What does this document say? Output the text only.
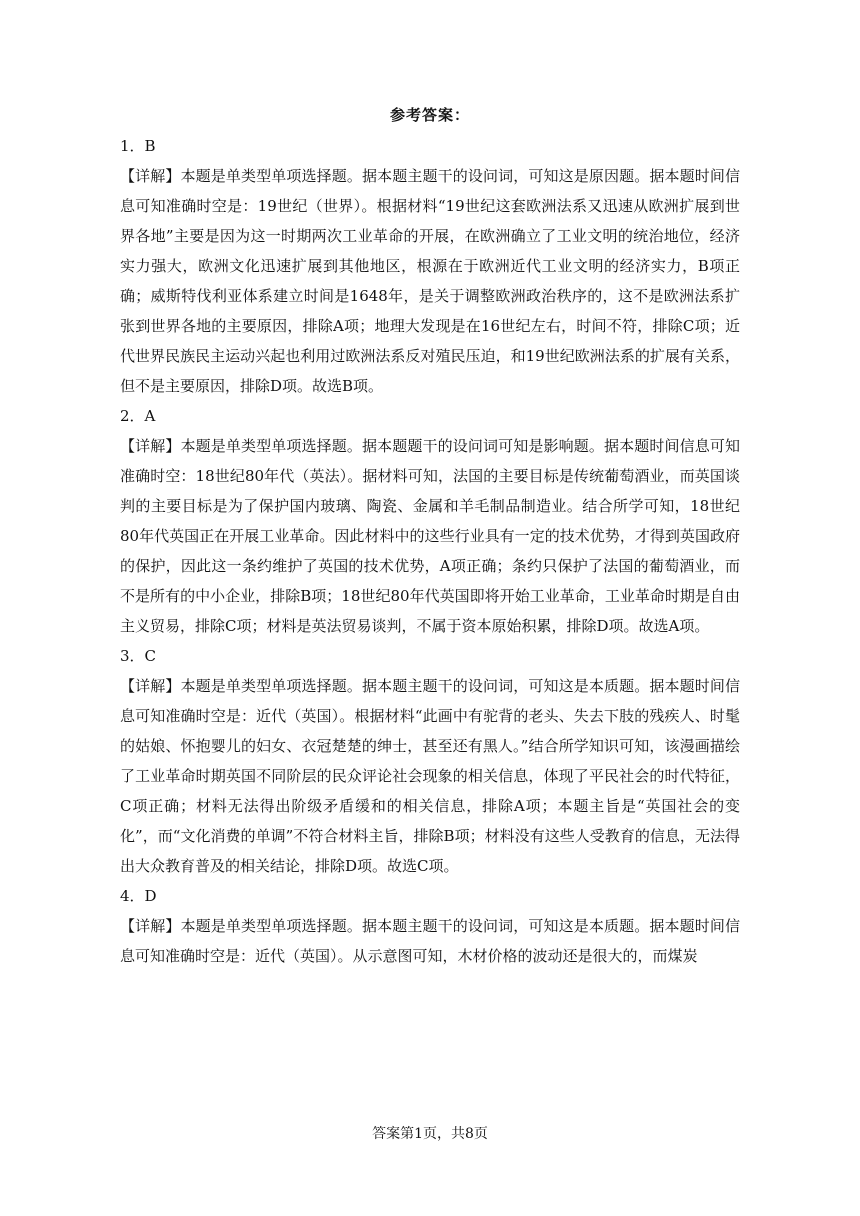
参考答案：

1．B

【详解】本题是单类型单项选择题。据本题主题干的设问词，可知这是原因题。据本题时间信息可知准确时空是：19世纪（世界）。根据材料“19世纪这套欧洲法系又迅速从欧洲扩展到世界各地”主要是因为这一时期两次工业革命的开展，在欧洲确立了工业文明的统治地位，经济实力强大，欧洲文化迅速扩展到其他地区，根源在于欧洲近代工业文明的经济实力，B项正确；威斯特伐利亚体系建立时间是1648年，是关于调整欧洲政治秩序的，这不是欧洲法系扩张到世界各地的主要原因，排除A项；地理大发现是在16世纪左右，时间不符，排除C项；近代世界民族民主运动兴起也利用过欧洲法系反对殖民压迫，和19世纪欧洲法系的扩展有关系，但不是主要原因，排除D项。故选B项。

2．A

【详解】本题是单类型单项选择题。据本题题干的设问词可知是影响题。据本题时间信息可知准确时空：18世纪80年代（英法）。据材料可知，法国的主要目标是传统葡萄酒业，而英国谈判的主要目标是为了保护国内玻璃、陶瓷、金属和羊毛制品制造业。结合所学可知，18世纪80年代英国正在开展工业革命。因此材料中的这些行业具有一定的技术优势，才得到英国政府的保护，因此这一条约维护了英国的技术优势，A项正确；条约只保护了法国的葡萄酒业，而不是所有的中小企业，排除B项；18世纪80年代英国即将开始工业革命，工业革命时期是自由主义贸易，排除C项；材料是英法贸易谈判，不属于资本原始积累，排除D项。故选A项。

3．C

【详解】本题是单类型单项选择题。据本题主题干的设问词，可知这是本质题。据本题时间信息可知准确时空是：近代（英国）。根据材料“此画中有驼背的老头、失去下肢的残疾人、时髦的姑娘、怀抱婴儿的妇女、衣冠楚楚的绅士，甚至还有黑人。”结合所学知识可知，该漫画描绘了工业革命时期英国不同阶层的民众评论社会现象的相关信息，体现了平民社会的时代特征，C项正确；材料无法得出阶级矛盾缓和的相关信息，排除A项；本题主旨是“英国社会的变化”，而“文化消费的单调”不符合材料主旨，排除B项；材料没有这些人受教育的信息，无法得出大众教育普及的相关结论，排除D项。故选C项。

4．D

【详解】本题是单类型单项选择题。据本题主题干的设问词，可知这是本质题。据本题时间信息可知准确时空是：近代（英国）。从示意图可知，木材价格的波动还是很大的，而煤炭

答案第1页，共8页
